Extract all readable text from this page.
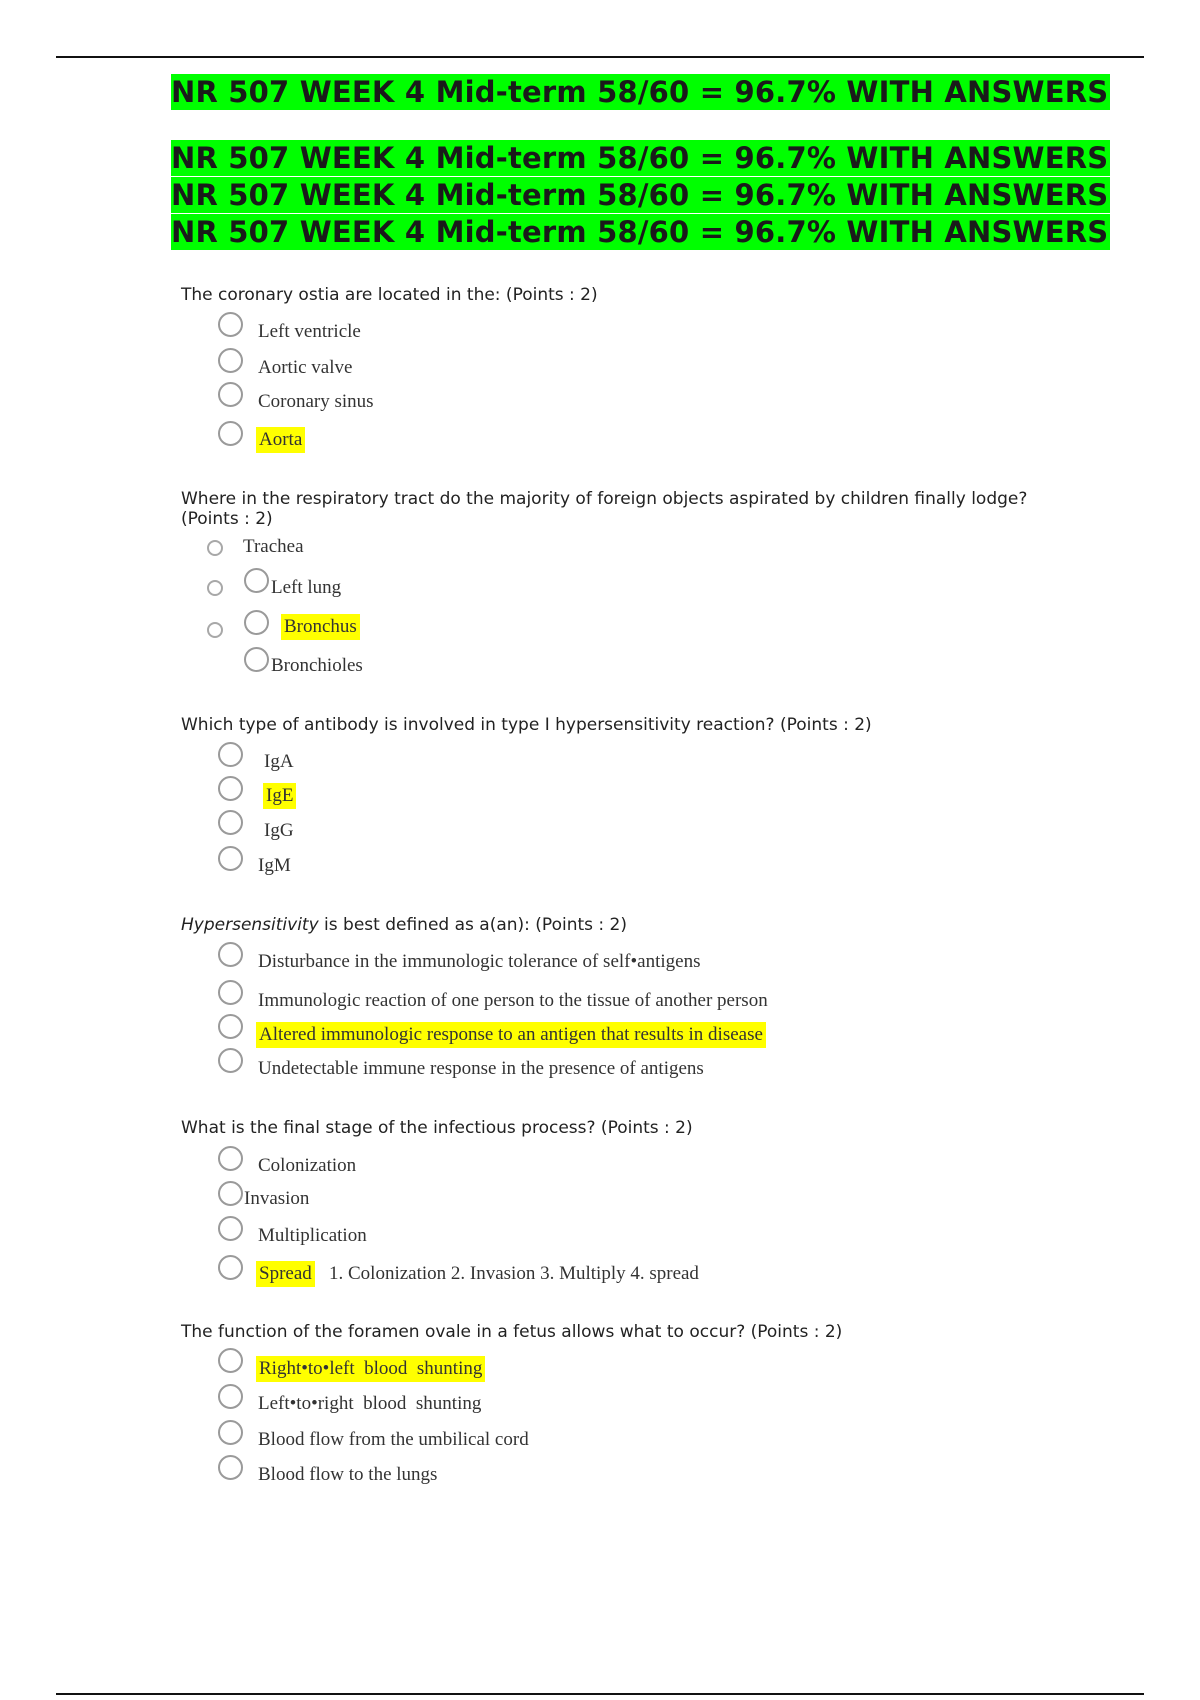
NR 507 WEEK 4 Mid-term 58/60 = 96.7% WITH ANSWERS
NR 507 WEEK 4 Mid-term 58/60 = 96.7% WITH ANSWERS
NR 507 WEEK 4 Mid-term 58/60 = 96.7% WITH ANSWERS
NR 507 WEEK 4 Mid-term 58/60 = 96.7% WITH ANSWERS
The coronary ostia are located in the: (Points : 2)
Left ventricle
Aortic valve
Coronary sinus
Aorta
Where in the respiratory tract do the majority of foreign objects aspirated by children finally lodge? (Points : 2)
Trachea
Left lung
Bronchus
Bronchioles
Which type of antibody is involved in type I hypersensitivity reaction? (Points : 2)
IgA
IgE
IgG
IgM
Hypersensitivity is best defined as a(an): (Points : 2)
Disturbance in the immunologic tolerance of self•antigens
Immunologic reaction of one person to the tissue of another person
Altered immunologic response to an antigen that results in disease
Undetectable immune response in the presence of antigens
What is the final stage of the infectious process? (Points : 2)
Colonization
Invasion
Multiplication
Spread 1. Colonization 2. Invasion 3. Multiply 4. spread
The function of the foramen ovale in a fetus allows what to occur? (Points : 2)
Right•to•left  blood  shunting
Left•to•right  blood  shunting
Blood flow from the umbilical cord
Blood flow to the lungs
